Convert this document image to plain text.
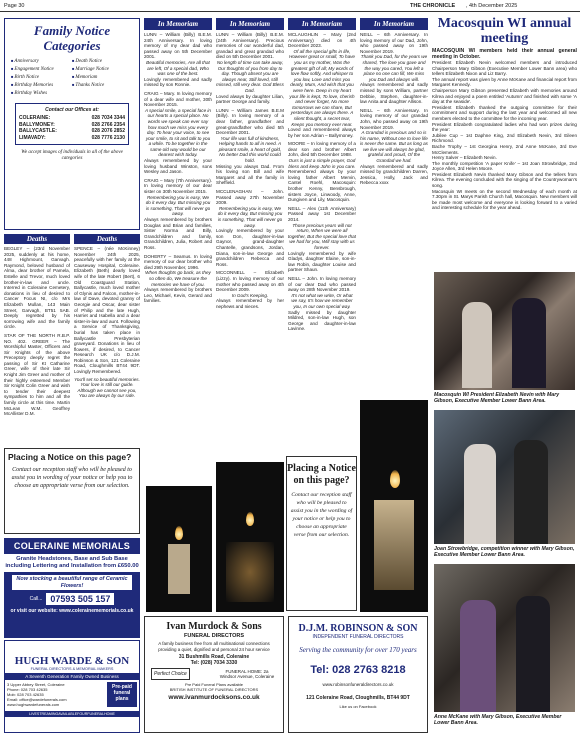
Page 30	THE CHRONICLE , 4th December 2025
Family Notice Categories
■ Anniversary
■ Engagement Notice
■ Birth Notice
■ Birthday Memories
■ Birthday Wishes
■ Death Notice
■ Marriage Notice
■ Memoriam
■ Thanks Notice
Contact our Offices at:
COLERAINE:	028 7034 3344
BALLYMONEY:	028 2766 2354
BALLYCASTLE:	028 2076 2852
LIMAVADY:	028 7776 2130
We accept images of individuals in all of the above categories
Deaths
BEGLEY – (23rd November 2025, suddenly at his home, 448 Highmount, Garvagh. Raymond, beloved husband of Alma, dear brother of Pamela, Estelle and Trevor, much loved brother-in-law and uncle. Interred in Coleraine Cemetery, donations in lieu of desired to Cancer Focus NI, c/o Mrs Elizabeth Mullan, 143 Main Street, Garvagh, BT51 5AB. Deeply regretted by his sorrowing wife and the family circle.
STAR OF THE NORTH R.B.P. NO. 402. GREER – The Worshipful Master, Officers and Sir Knights of the above Preceptory deeply regret the passing of Sir Kt Catharine Greer, wife of their late Sir Knight Jim Greer and mother of their highly esteemed Member Sir Knight Colin Greer and wish to tender their deepest sympathies to him and all the family circle at this time. Martin McLean W.M. Geoffrey McAllister D.M.
Deaths
SPENCE – (née McKinney) November 24th 2025, peacefully with her family at the Causeway Hospital, Coleraine. Elizabeth (Beth) dearly loved wife of the late Robert (Bert), 6 Old Coastguard Station, Ballycastle, much loved mother of Glynis and Falcon, mother-in-law of Dave, devoted granny of Georgie and Oscar, dear sister of Philip and the late Hugh, Harriet and Isabella and a dear sister-in-law and aunt. Following a Service of Thanksgiving, burial has taken place in Ballycastle Presbyterian graveyard. Donations in lieu of flowers, if desired, to Cancer Research UK c/o D.J.M. Robinson & Son, 121 Coleraine Road, Cloughmills BT44 9DT. Lovingly Remembered.
You'll set so beautiful memories. Your love is still our guide. Although we cannot see you, You are always by our side.
Placing a Notice on this page?
Contact our reception staff who will be pleased to assist you in wording of your notice or help you to choose an appropriate verse from our selection.
COLERAINE MEMORIALS
Granite Headstones, Base and Sub Base including Lettering and Installation from £650.00
Now stocking a beautiful range of Ceramic Flowers!
Call... 07593 505 157
or visit our website: www.colerainememorials.co.uk
HUGH WARDE & SON
FUNERAL DIRECTORS & MEMORIAL MAKERS
A Seventh Generation Family Owned Business
3 Upper Abbey Street, Coleraine
Phone: 028 703 42635
Mob: 028 703 42635
Email: office@wardefunerals.com
www.hughwardefunerals.com
Pre-paid funeral plans
LIVESTREAMINGAVAILABLEFOURFUNERALHOME
In Memoriam
LUNN – William (Billy) B.E.M. 24th Anniversary. In loving memory of my dear dad who passed away on 5th December 2001.
Beautiful memories, Are all that are left, Of a special dad, Who was one of the best.
Lovingly remembered and sadly missed by son Ronnie.
CRAIG – Mary. In loving memory of a dear wife and mother, 30th November 2015.
A special smile, a special face in our hearts a special place. No words we speak can ever say how much we miss you every day. To hear your voice, to see your smile, to sit and talk to you a while. To be together in the same old way would be our dearest wish today.
Always remembered by your loving husband Winston, sons Wesley and Jason.
CRAIG – Mary (7th Anniversary). In loving memory of our dear sister on 30th November 2015.
Remembering you is easy, We do it every day. But missing you is something, That will never go away.
Always remembered by brothers Douglas and Brian and families, Sister Norma and Billy, Grandchildren and family, Grandchildren, Julia, Robert and Ross.
DOHERTY – Seamus. In loving memory of our dear brother who died 29th November, 1996.
When thoughts go back, as they so often do, We treasure the memories we have of you.
Always remembered by brothers Leo, Michael, Kevin, Gerard and families.
In Memoriam
LUNN – William (Billy) B.E.M. (24th Anniversary). Precious memories of our wonderful dad, grandad and great grandad who died on 5th December 2001.
No length of time can take away, Our thoughts of you from day to day. Though absent you are always near, Still loved, still missed, still very dear. God Bless Dad.
Loved always by daughter Lilian, partner George and family.
LUNN – William James B.E.M (Billy). In loving memory of a dear father, grandfather and great-grandfather who died 5th December 2001.
Your life was full of kindness, Helping hands to all in need. A pleasant smile, a heart of gold, No better Dad this world could hold.
Missing you always Dad. From his loving son Bill and wife Margaret and all the family in Sheffield.
MCCLENAGHAN – John. Passed away 27th November 2009.
Remembering you is easy, We do it every day, But missing you is something, That will never go away.
Lovingly remembered by your son Don, daughter-in-law Gaynor, grand-daughter Chantelle, grandsons, Jordan, Diana, son-in-law George and grandchildren Rebecca and Ross.
MCCONNELL – Elizabeth (Lizzy). In loving memory of our mother who passed away on 4th December 2009.
In God's Keeping.
Always remembered by her nephews and nieces.
Placing a Notice on this page?
Contact our reception staff who will be pleased to assist you in the wording of your notice or help you to choose an appropriate verse from our selection.
In Memoriam
MCLAUGHLIN – Mary (2nd Anniversary) died on 4th December 2023.
Of all the special gifts in life, However great or small, To have you as my mother, Was the greatest gift of all; My words of love flow softly, And whisper to you low, Love and miss you dearly, Mum, And wish that you were here. Deep in my heart your life is kept, To love, cherish and never forget, No more tomorrows we can share, But yesterdays are always there. A silent thought, a secret tear, Keeps you memory ever near.
Loved and remembered always by her son Adrian – Ballymoney.
MOORE – In loving memory of a dear son and brother Albert John, died 5th December 1988.
Ours is just a simple prayer, God bless and keep John in you care.
Remembered always by your loving father Albert Mervin, Cantel Roehl, Macosquin: brother Kenny, Bensbrough, sisters Joyce, Linwoody, Anne, Dungiven and Lily, Macosquin.
NEILL – Alex (11th Anniversary) Passed away 1st December 2014.
Those precious years will not return, When we were all together, But the special love that we had for you, Will stay with us forever.
Lovingly remembered by wife Gladys, daughter Elaine, son-in-law Robin, daughter Louise and partner Shaun.
NEILL – John. In loving memory of our dear Dad who passed away on 28th November 2019.
It's not what we write, Or what we say, It's how we remember you, In our own special way.
Sadly missed by daughter Mildred, son-in-law Hugh, son George and daughter-in-law Lavinne.
In Memoriam
NEILL – 6th Anniversary. In loving memory of our Dad, John, who passed away on 19th November 2019.
Thank you Dad, for the years we shared, The love you gave and the way you cared, You left a place no one can fill, We miss you Dad and always will.
Always remembered and sadly missed by sons William, partner Debbie, Stephen, daughter-in-law Anita and daughter Allison.
NEILL – 6th Anniversary. In loving memory of our grandad John, who passed away on 19th November 2019.
A Grandad is precious and so is his name, Without one to love life is never the same. But as long as we live we will always be glad, grateful and proud, Of the Grandad we had.
Always remembered and sadly missed by grandchildren Darren, Jessica, Holly, Jack and Rebecca xxxx
Ivan Murdock & Sons
FUNERAL DIRECTORS
A family business free from all multinational connections providing a quiet, dignified and personal 24 hour service
31 Bushmills Road, Coleraine
Tel: (028) 7034 3330
Perfect Choice	FUNERAL HOME: 2a Windsor Avenue, Coleraine
Pre Paid Funeral Plans available
BRITISH INSTITUTE OF FUNERAL DIRECTORS
www.ivanmurdocksons.co.uk
D.J.M. ROBINSON & SON
INDEPENDENT FUNERAL DIRECTORS
Serving the community for over 170 years
Tel: 028 2763 8218
www.robinsonfuneraldirectors.co.uk
121 Coleraine Road, Cloughmills, BT44 9DT
Like us on Facebook
Macosquin WI annual meeting
MACOSQUIN WI members held their annual general meeting in October.
President Elizabeth Nevin welcomed members and introduced Chairperson Mary Gibson (Executive Member Lower Bann area) who tellers Elizabeth Nixon and Liz Barry.
The annual report was given by Anne McKane and financial report from Margaret Kennedy.
Chairperson Mary Gibson presented Elizabeth with memories around Kilrea and enjoyed a poem entitled 'Autumn' and finished with some 'A day at the seaside'.
President Elizabeth thanked the outgoing committee for their commitment and support during the last year and welcomed all new members elected to the committee for the incoming year.
President Elizabeth congratulated ladies who had won prizes during the year:
Jubilee Cup – 1st Daphne King, 2nd Elizabeth Nevin, 3rd Eileen Richmond.
Bache Trophy – 1st Georgina Henry, 2nd Anne McKane, 3rd Eve McClements.
Henry Salver – Elizabeth Nevin.
The monthly competition 'A paper Knife' – 1st Joan Strowbridge, 2nd Joyce Allen, 3rd Helen Moore.
President Elizabeth Nevin thanked Mary Gibson and the tellers from Kilrea. The evening concluded with the singing of the Countrywoman's song.
Macosquin WI meets on the second Wednesday of each month at 7.30pm in St. Marys Parish Church hall, Macosquin. New members will be made most welcome and everyone is looking forward to a varied and interesting schedule for the year ahead.
Macosquin WI President Elizabeth Nevin with Mary Gibson, Executive Member Lower Bann Area.
Joan Strowbridge, competition winner with Mary Gibson, Executive Member Lower Bann Area.
Anne McKane with Mary Gibson, Executive Member Lower Bann Area.
